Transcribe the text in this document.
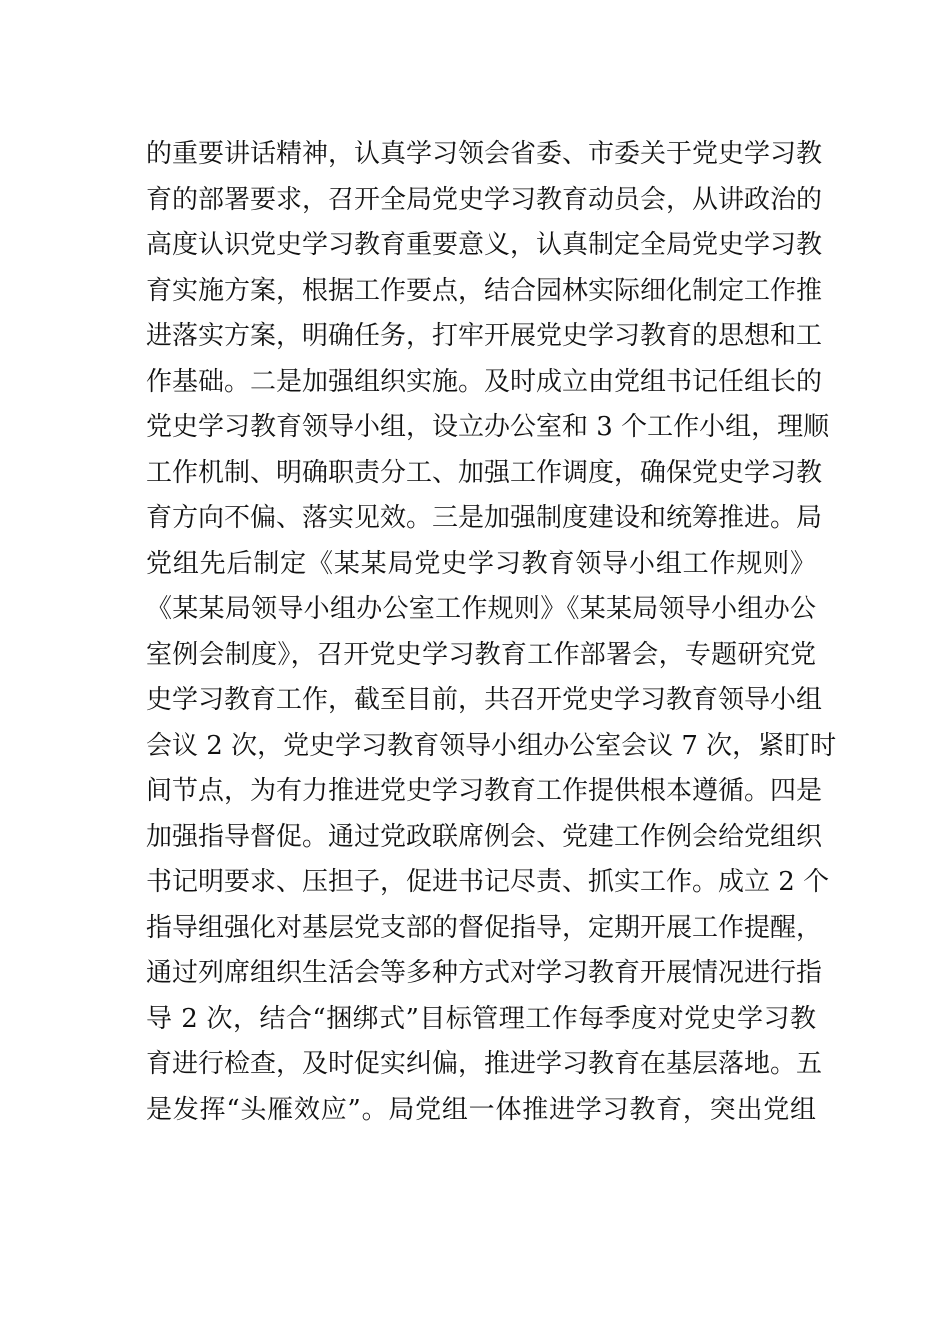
的重要讲话精神，认真学习领会省委、市委关于党史学习教
育的部署要求，召开全局党史学习教育动员会，从讲政治的
高度认识党史学习教育重要意义，认真制定全局党史学习教
育实施方案，根据工作要点，结合园林实际细化制定工作推
进落实方案，明确任务，打牢开展党史学习教育的思想和工
作基础。二是加强组织实施。及时成立由党组书记任组长的
党史学习教育领导小组，设立办公室和 3 个工作小组，理顺
工作机制、明确职责分工、加强工作调度，确保党史学习教
育方向不偏、落实见效。三是加强制度建设和统筹推进。局
党组先后制定《某某局党史学习教育领导小组工作规则》
《某某局领导小组办公室工作规则》《某某局领导小组办公
室例会制度》，召开党史学习教育工作部署会，专题研究党
史学习教育工作，截至目前，共召开党史学习教育领导小组
会议 2 次，党史学习教育领导小组办公室会议 7 次，紧盯时
间节点，为有力推进党史学习教育工作提供根本遵循。四是
加强指导督促。通过党政联席例会、党建工作例会给党组织
书记明要求、压担子，促进书记尽责、抓实工作。成立 2 个
指导组强化对基层党支部的督促指导，定期开展工作提醒，
通过列席组织生活会等多种方式对学习教育开展情况进行指
导 2 次，结合“捆绑式”目标管理工作每季度对党史学习教
育进行检查，及时促实纠偏，推进学习教育在基层落地。五
是发挥“头雁效应”。局党组一体推进学习教育，突出党组
